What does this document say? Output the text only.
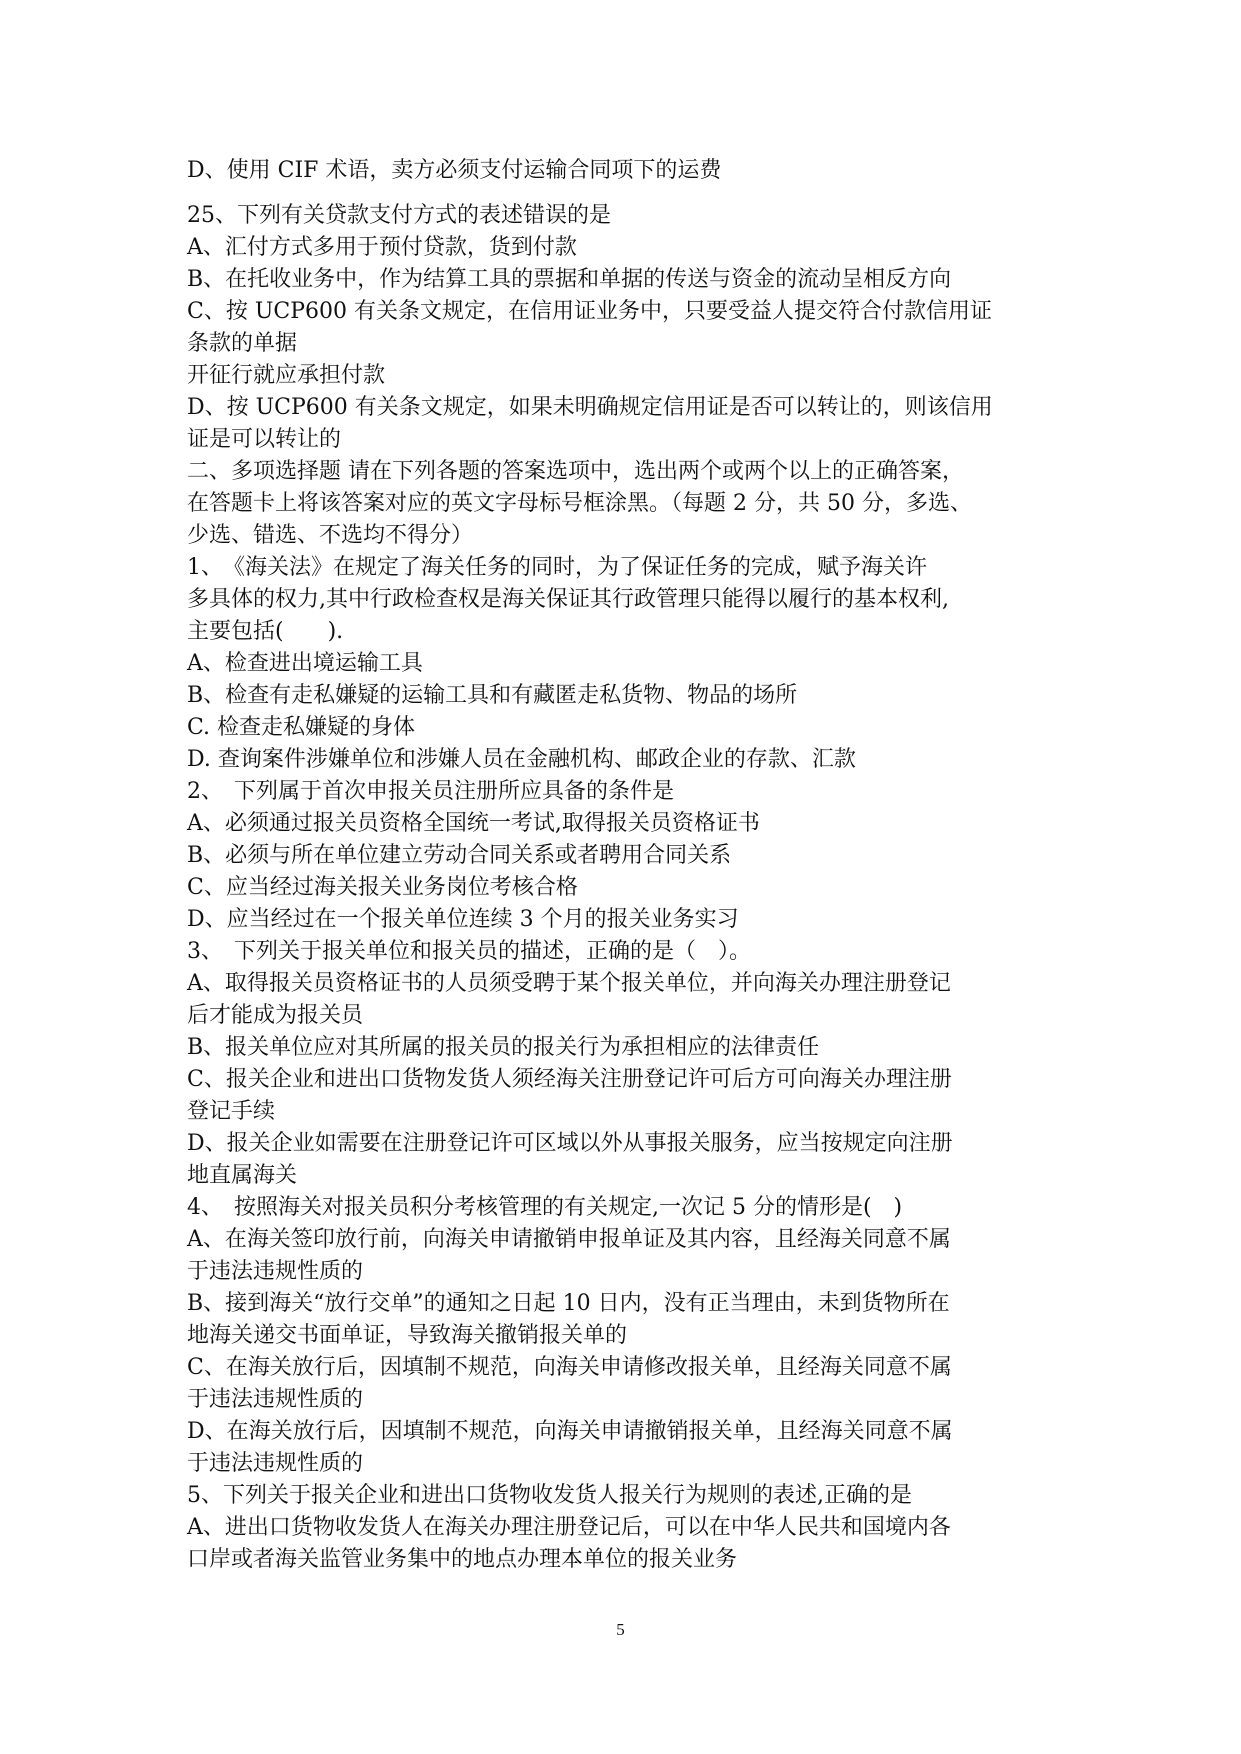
D、使用 CIF 术语，卖方必须支付运输合同项下的运费
25、下列有关贷款支付方式的表述错误的是
A、汇付方式多用于预付贷款，货到付款
B、在托收业务中，作为结算工具的票据和单据的传送与资金的流动呈相反方向
C、按 UCP600 有关条文规定，在信用证业务中，只要受益人提交符合付款信用证
条款的单据
开征行就应承担付款
D、按 UCP600 有关条文规定，如果未明确规定信用证是否可以转让的，则该信用
证是可以转让的
二、多项选择题 请在下列各题的答案选项中，选出两个或两个以上的正确答案，
在答题卡上将该答案对应的英文字母标号框涂黑。（每题 2 分，共 50 分，多选、
少选、错选、不选均不得分）
1、　《海关法》在规定了海关任务的同时，为了保证任务的完成，赋予海关许
多具体的权力,其中行政检查权是海关保证其行政管理只能得以履行的基本权利,
主要包括(　　).
A、检查进出境运输工具
B、检查有走私嫌疑的运输工具和有藏匿走私货物、物品的场所
C. 检查走私嫌疑的身体
D. 查询案件涉嫌单位和涉嫌人员在金融机构、邮政企业的存款、汇款
2、　下列属于首次申报关员注册所应具备的条件是
A、必须通过报关员资格全国统一考试,取得报关员资格证书
B、必须与所在单位建立劳动合同关系或者聘用合同关系
C、应当经过海关报关业务岗位考核合格
D、应当经过在一个报关单位连续 3 个月的报关业务实习
3、　下列关于报关单位和报关员的描述，正确的是（　）。
A、取得报关员资格证书的人员须受聘于某个报关单位，并向海关办理注册登记
后才能成为报关员
B、报关单位应对其所属的报关员的报关行为承担相应的法律责任
C、报关企业和进出口货物发货人须经海关注册登记许可后方可向海关办理注册
登记手续
D、报关企业如需要在注册登记许可区域以外从事报关服务，应当按规定向注册
地直属海关
4、　按照海关对报关员积分考核管理的有关规定,一次记 5 分的情形是(　)
A、在海关签印放行前，向海关申请撤销申报单证及其内容，且经海关同意不属
于违法违规性质的
B、接到海关“放行交单”的通知之日起 10 日内，没有正当理由，未到货物所在
地海关递交书面单证，导致海关撤销报关单的
C、在海关放行后，因填制不规范，向海关申请修改报关单，且经海关同意不属
于违法违规性质的
D、在海关放行后，因填制不规范，向海关申请撤销报关单，且经海关同意不属
于违法违规性质的
5、下列关于报关企业和进出口货物收发货人报关行为规则的表述,正确的是
A、进出口货物收发货人在海关办理注册登记后，可以在中华人民共和国境内各
口岸或者海关监管业务集中的地点办理本单位的报关业务
5
